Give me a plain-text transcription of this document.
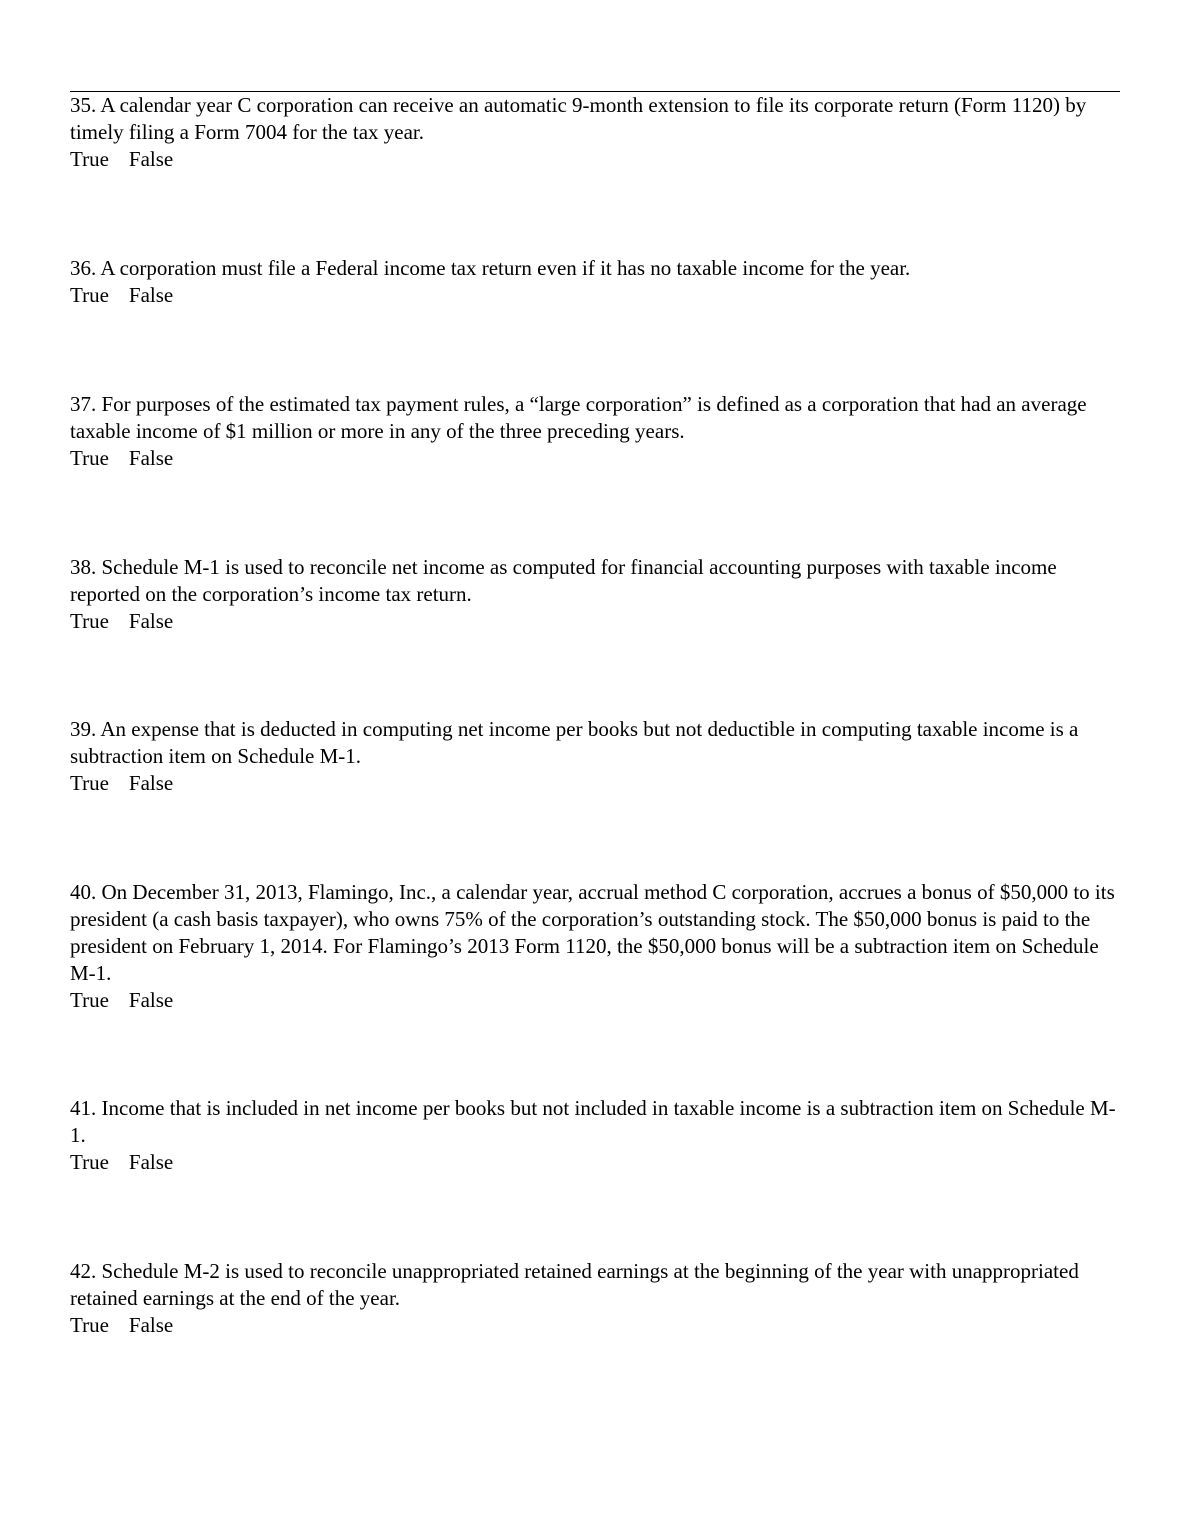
35. A calendar year C corporation can receive an automatic 9-month extension to file its corporate return (Form 1120) by timely filing a Form 7004 for the tax year.

True False

36. A corporation must file a Federal income tax return even if it has no taxable income for the year.

True False

37. For purposes of the estimated tax payment rules, a “large corporation” is defined as a corporation that had an average taxable income of $1 million or more in any of the three preceding years.

True False

38. Schedule M-1 is used to reconcile net income as computed for financial accounting purposes with taxable income reported on the corporation’s income tax return.

True False

39. An expense that is deducted in computing net income per books but not deductible in computing taxable income is a subtraction item on Schedule M-1.

True False

40. On December 31, 2013, Flamingo, Inc., a calendar year, accrual method C corporation, accrues a bonus of $50,000 to its president (a cash basis taxpayer), who owns 75% of the corporation’s outstanding stock. The $50,000 bonus is paid to the president on February 1, 2014. For Flamingo’s 2013 Form 1120, the $50,000 bonus will be a subtraction item on Schedule M-1.

True False

41. Income that is included in net income per books but not included in taxable income is a subtraction item on Schedule M-1.

True False

42. Schedule M-2 is used to reconcile unappropriated retained earnings at the beginning of the year with unappropriated retained earnings at the end of the year.

True False
